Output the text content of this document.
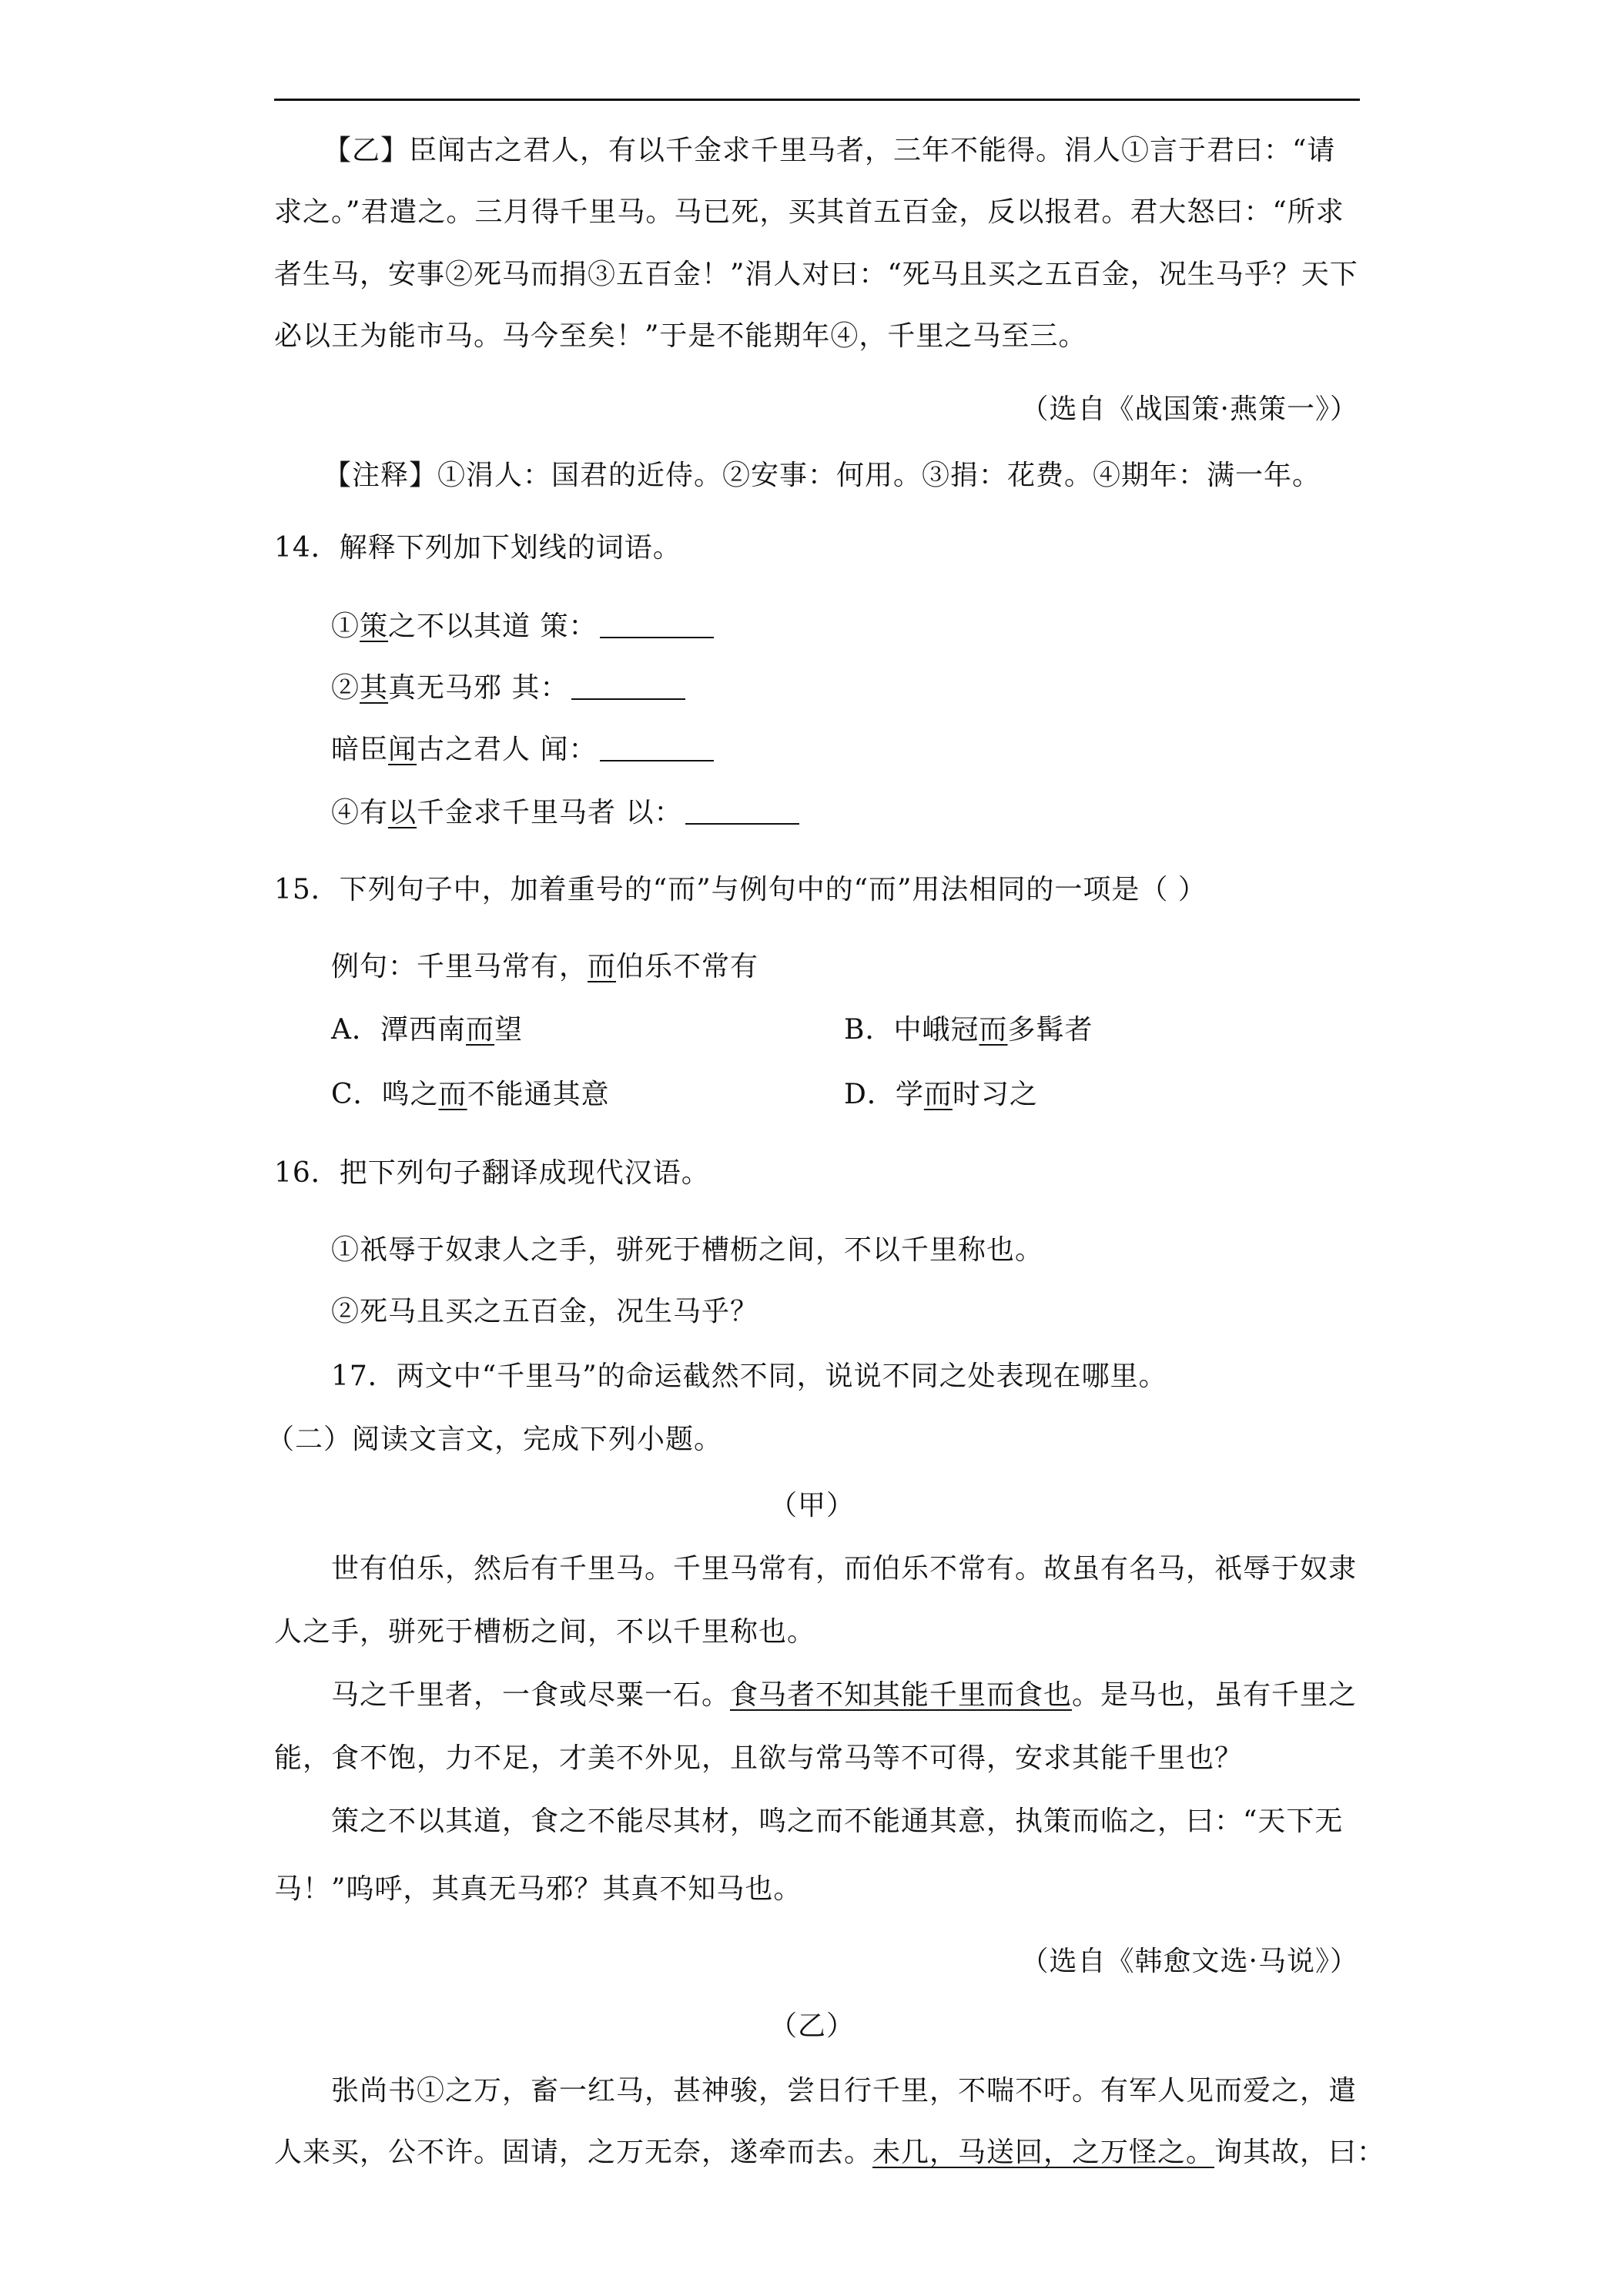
【乙】臣闻古之君人，有以千金求千里马者，三年不能得。涓人①言于君曰：“请
求之。”君遣之。三月得千里马。马已死，买其首五百金，反以报君。君大怒曰：“所求
者生马，安事②死马而捐③五百金！”涓人对曰：“死马且买之五百金，况生马乎？天下
必以王为能市马。马今至矣！”于是不能期年④，千里之马至三。
（选自《战国策·燕策一》）
【注释】①涓人：国君的近侍。②安事：何用。③捐：花费。④期年：满一年。
14．解释下列加下划线的词语。
①策之不以其道 策：
②其真无马邪 其：
暗臣闻古之君人 闻：
④有以千金求千里马者 以：
15．下列句子中，加着重号的“而”与例句中的“而”用法相同的一项是（ ）
例句：千里马常有，而伯乐不常有
A．潭西南而望	B．中峨冠而多髯者
C．鸣之而不能通其意	D．学而时习之
16．把下列句子翻译成现代汉语。
①祇辱于奴隶人之手，骈死于槽枥之间，不以千里称也。
②死马且买之五百金，况生马乎？
17．两文中“千里马”的命运截然不同，说说不同之处表现在哪里。
（二）阅读文言文，完成下列小题。
（甲）
世有伯乐，然后有千里马。千里马常有，而伯乐不常有。故虽有名马，祇辱于奴隶
人之手，骈死于槽枥之间，不以千里称也。
马之千里者，一食或尽粟一石。食马者不知其能千里而食也。是马也，虽有千里之
能，食不饱，力不足，才美不外见，且欲与常马等不可得，安求其能千里也？
策之不以其道，食之不能尽其材，鸣之而不能通其意，执策而临之，曰：“天下无
马！”呜呼，其真无马邪？其真不知马也。
（选自《韩愈文选·马说》）
（乙）
张尚书①之万，畜一红马，甚神骏，尝日行千里，不喘不吁。有军人见而爱之，遣
人来买，公不许。固请，之万无奈，遂牵而去。未几，马送回，之万怪之。询其故，曰：
